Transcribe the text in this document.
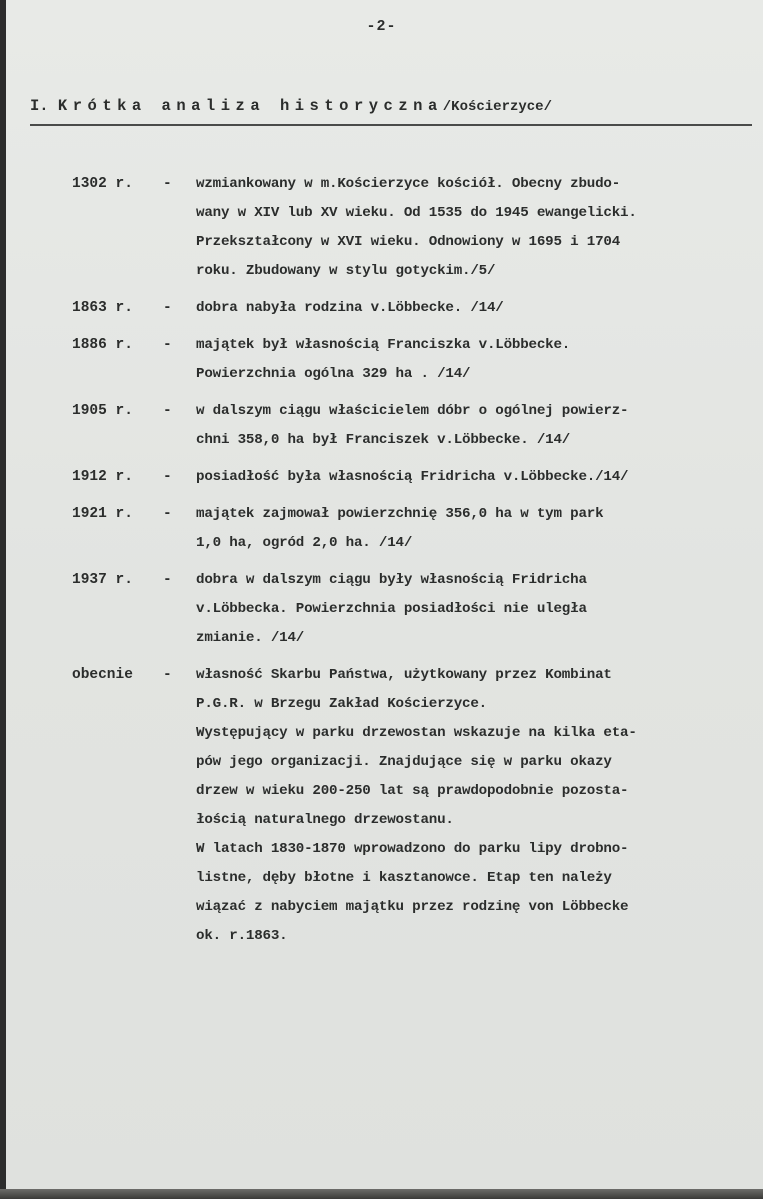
-2-
I. Krótka analiza historyczna/Kościerzyce/
1302 r.	- wzmiankowany w m.Kościerzyce kościół. Obecny zbudo-
wany w XIV lub XV wieku. Od 1535 do 1945 ewangelicki.
Przekształcony w XVI wieku. Odnowiony w 1695 i 1704
roku. Zbudowany w stylu gotyckim./5/
1863 r.	- dobra nabyła rodzina v.Löbbecke. /14/
1886 r.	- majątek był własnością Franciszka v.Löbbecke.
Powierzchnia ogólna 329 ha . /14/
1905 r.	- w dalszym ciągu właścicielem dóbr o ogólnej powierz-
chni 358,0 ha był Franciszek v.Löbbecke. /14/
1912 r.	- posiadłość była własnością Fridricha v.Löbbecke./14/
1921 r.	- majątek zajmował powierzchnię 356,0 ha w tym park
1,0 ha, ogród 2,0 ha. /14/
1937 r.	- dobra w dalszym ciągu były własnością Fridricha
v.Löbbecka. Powierzchnia posiadłości nie uległa
zmianie. /14/
obecnie	- własność Skarbu Państwa, użytkowany przez Kombinat
P.G.R. w Brzegu Zakład Kościerzyce.
Występujący w parku drzewostan wskazuje na kilka eta-
pów jego organizacji. Znajdujące się w parku okazy
drzew w wieku 200-250 lat są prawdopodobnie pozosta-
łością naturalnego drzewostanu.
W latach 1830-1870 wprowadzono do parku lipy drobno-
listne, dęby błotne i kasztanowce. Etap ten należy
wiązać z nabyciem majątku przez rodzinę von Löbbecke
ok. r.1863.
